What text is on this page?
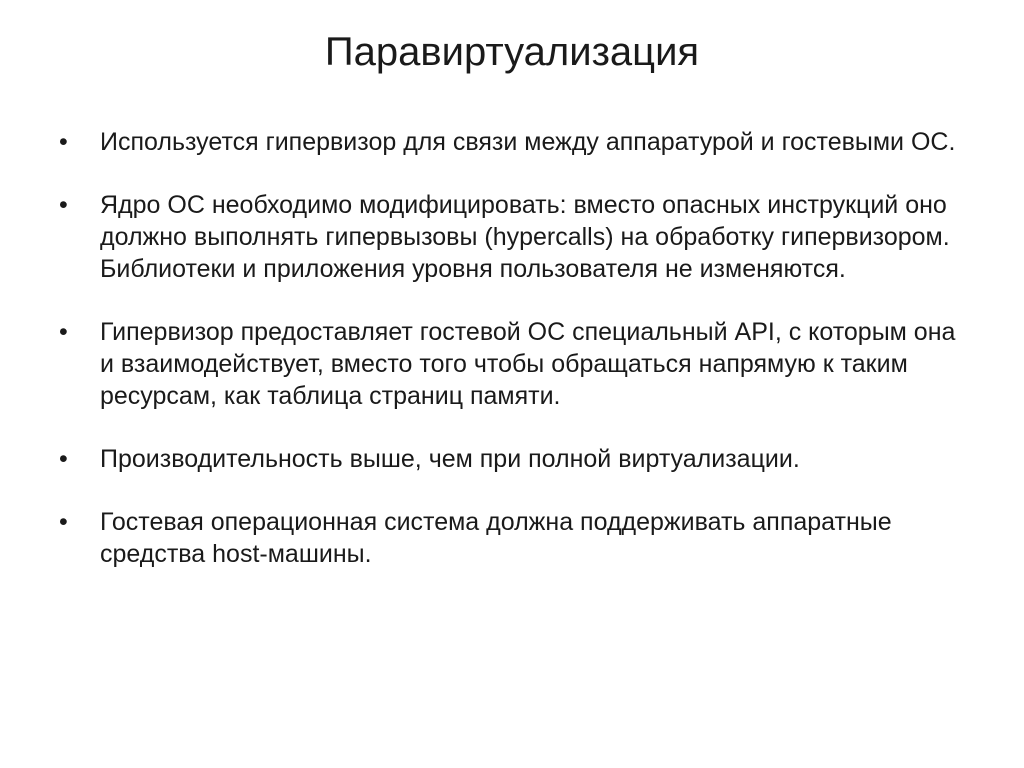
Паравиртуализация
•	Используется гипервизор для связи между аппаратурой и гостевыми ОС.
•	Ядро ОС необходимо модифицировать: вместо опасных инструкций оно должно выполнять гипервызовы (hypercalls) на обработку гипервизором. Библиотеки и приложения уровня пользователя не изменяются.
•	Гипервизор предоставляет гостевой ОС специальный API, с которым она и взаимодействует, вместо того чтобы обращаться напрямую к таким ресурсам, как таблица страниц памяти.
•	Производительность выше, чем при полной виртуализации.
•	Гостевая операционная система должна поддерживать аппаратные средства host-машины.
